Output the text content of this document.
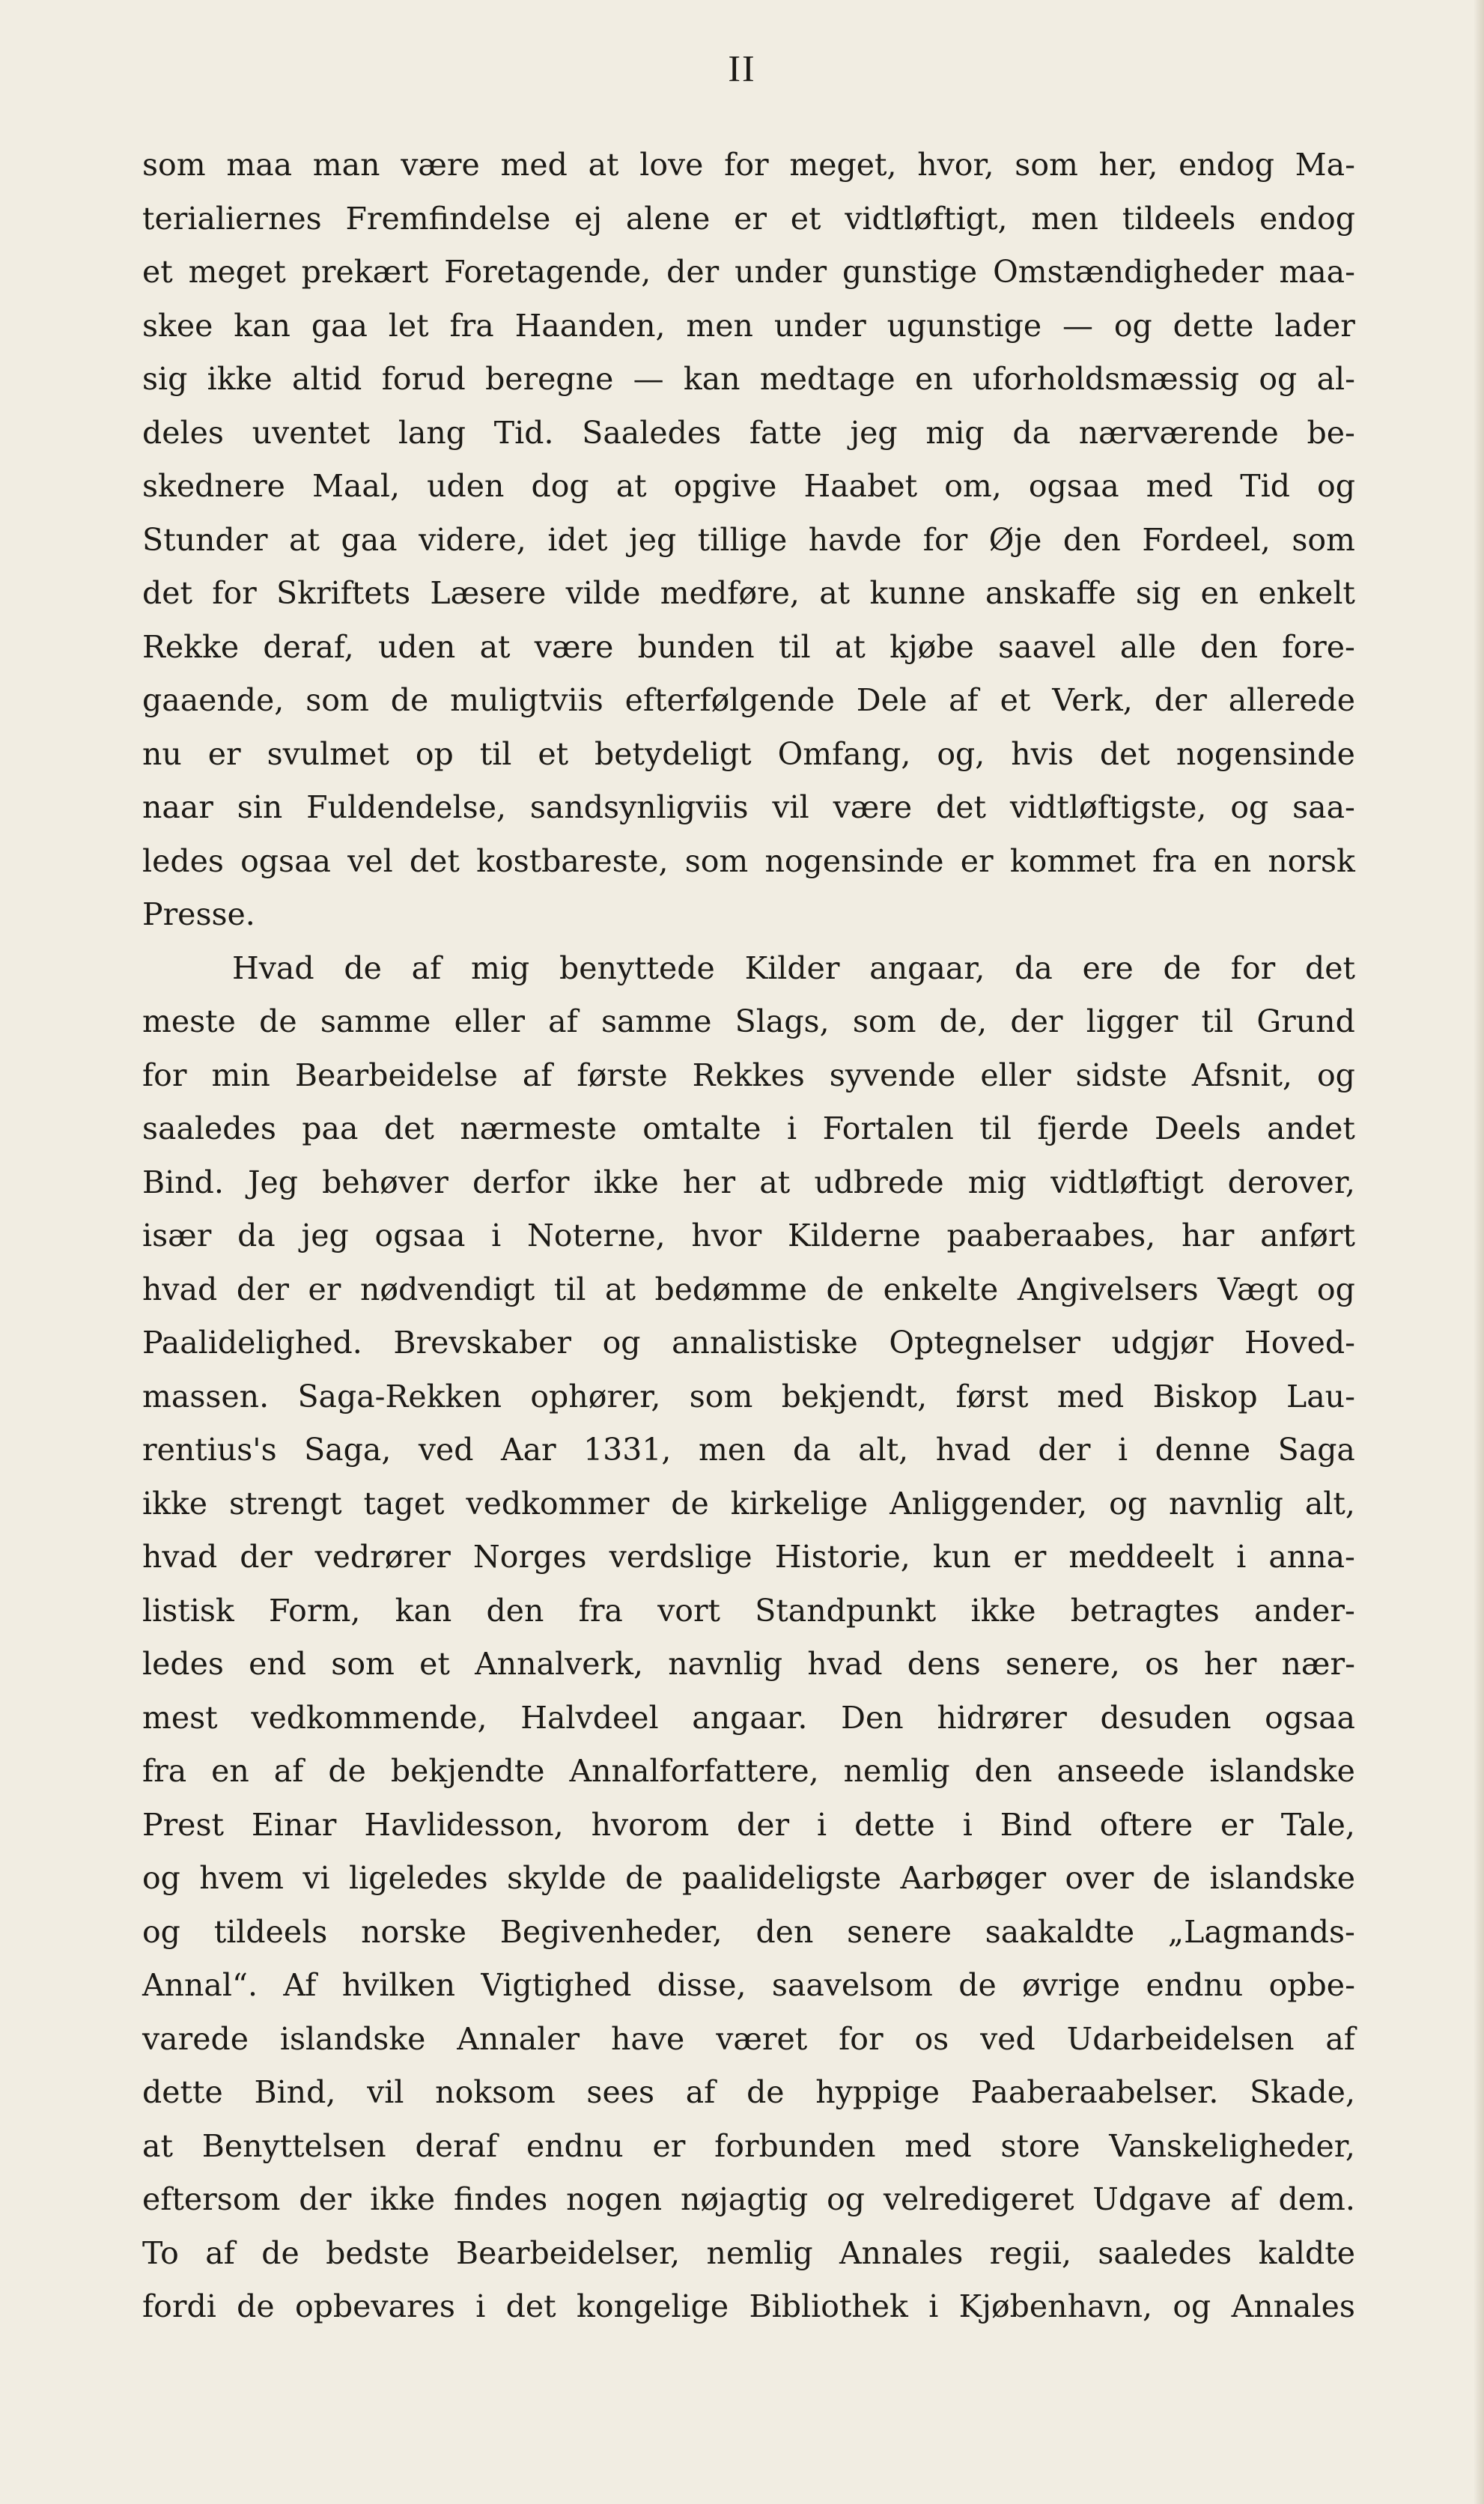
II
som maa man være med at love for meget, hvor, som her, endog Ma-
terialiernes Fremfindelse ej alene er et vidtløftigt, men tildeels endog
et meget prekært Foretagende, der under gunstige Omstændigheder maa-
skee kan gaa let fra Haanden, men under ugunstige — og dette lader
sig ikke altid forud beregne — kan medtage en uforholdsmæssig og al-
deles uventet lang Tid. Saaledes fatte jeg mig da nærværende be-
skednere Maal, uden dog at opgive Haabet om, ogsaa med Tid og
Stunder at gaa videre, idet jeg tillige havde for Øje den Fordeel, som
det for Skriftets Læsere vilde medføre, at kunne anskaffe sig en enkelt
Rekke deraf, uden at være bunden til at kjøbe saavel alle den fore-
gaaende, som de muligtviis efterfølgende Dele af et Verk, der allerede
nu er svulmet op til et betydeligt Omfang, og, hvis det nogensinde
naar sin Fuldendelse, sandsynligviis vil være det vidtløftigste, og saa-
ledes ogsaa vel det kostbareste, som nogensinde er kommet fra en norsk
Presse.
Hvad de af mig benyttede Kilder angaar, da ere de for det
meste de samme eller af samme Slags, som de, der ligger til Grund
for min Bearbeidelse af første Rekkes syvende eller sidste Afsnit, og
saaledes paa det nærmeste omtalte i Fortalen til fjerde Deels andet
Bind. Jeg behøver derfor ikke her at udbrede mig vidtløftigt derover,
især da jeg ogsaa i Noterne, hvor Kilderne paaberaabes, har anført
hvad der er nødvendigt til at bedømme de enkelte Angivelsers Vægt og
Paalidelighed. Brevskaber og annalistiske Optegnelser udgjør Hoved-
massen. Saga-Rekken ophører, som bekjendt, først med Biskop Lau-
rentius's Saga, ved Aar 1331, men da alt, hvad der i denne Saga
ikke strengt taget vedkommer de kirkelige Anliggender, og navnlig alt,
hvad der vedrører Norges verdslige Historie, kun er meddeelt i anna-
listisk Form, kan den fra vort Standpunkt ikke betragtes ander-
ledes end som et Annalverk, navnlig hvad dens senere, os her nær-
mest vedkommende, Halvdeel angaar. Den hidrører desuden ogsaa
fra en af de bekjendte Annalforfattere, nemlig den anseede islandske
Prest Einar Havlidesson, hvorom der i dette i Bind oftere er Tale,
og hvem vi ligeledes skylde de paalideligste Aarbøger over de islandske
og tildeels norske Begivenheder, den senere saakaldte „Lagmands-
Annal“. Af hvilken Vigtighed disse, saavelsom de øvrige endnu opbe-
varede islandske Annaler have været for os ved Udarbeidelsen af
dette Bind, vil noksom sees af de hyppige Paaberaabelser. Skade,
at Benyttelsen deraf endnu er forbunden med store Vanskeligheder,
eftersom der ikke findes nogen nøjagtig og velredigeret Udgave af dem.
To af de bedste Bearbeidelser, nemlig Annales regii, saaledes kaldte
fordi de opbevares i det kongelige Bibliothek i Kjøbenhavn, og Annales
